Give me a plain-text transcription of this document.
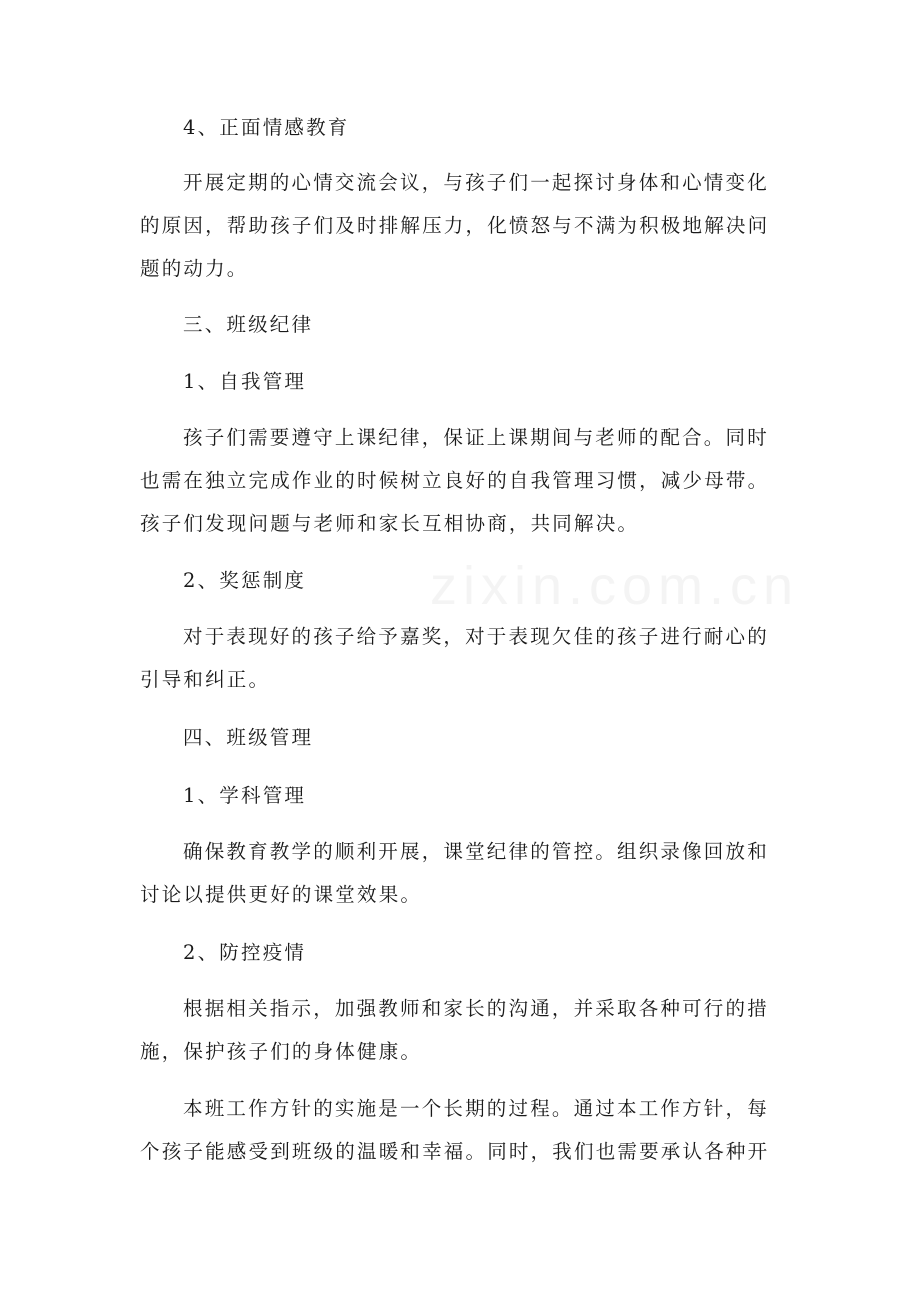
zixin.com.cn
4、正面情感教育
开展定期的心情交流会议，与孩子们一起探讨身体和心情变化
的原因，帮助孩子们及时排解压力，化愤怒与不满为积极地解决问
题的动力。
三、班级纪律
1、自我管理
孩子们需要遵守上课纪律，保证上课期间与老师的配合。同时
也需在独立完成作业的时候树立良好的自我管理习惯，减少母带。
孩子们发现问题与老师和家长互相协商，共同解决。
2、奖惩制度
对于表现好的孩子给予嘉奖，对于表现欠佳的孩子进行耐心的
引导和纠正。
四、班级管理
1、学科管理
确保教育教学的顺利开展，课堂纪律的管控。组织录像回放和
讨论以提供更好的课堂效果。
2、防控疫情
根据相关指示，加强教师和家长的沟通，并采取各种可行的措
施，保护孩子们的身体健康。
本班工作方针的实施是一个长期的过程。通过本工作方针，每
个孩子能感受到班级的温暖和幸福。同时，我们也需要承认各种开
